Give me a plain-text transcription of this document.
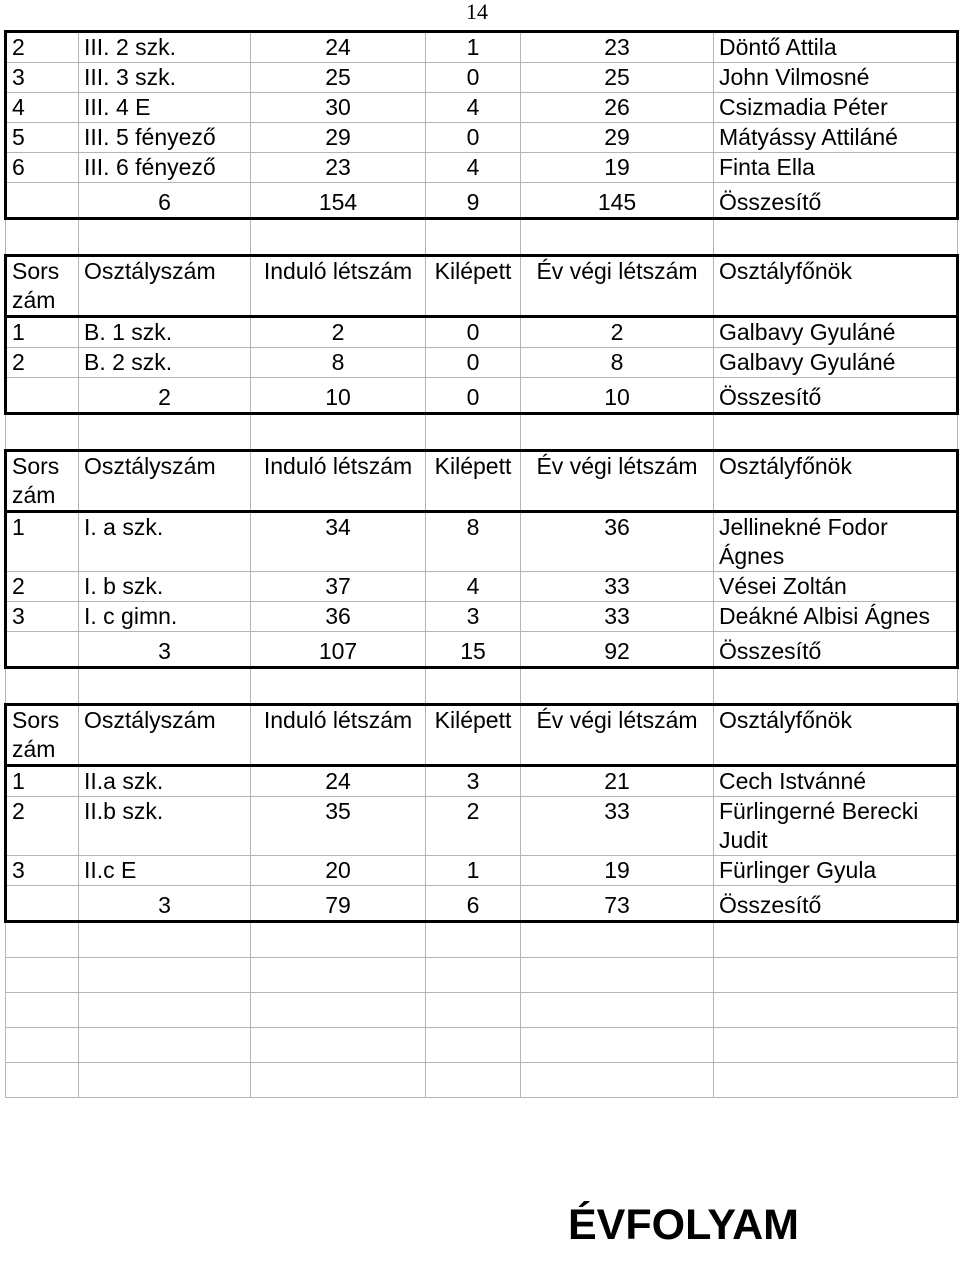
14
2	III. 2 szk.	24	1	23	Döntő Attila
3	III. 3 szk.	25	0	25	John Vilmosné
4	III. 4 E	30	4	26	Csizmadia Péter
5	III. 5 fényező	29	0	29	Mátyássy Attiláné
6	III. 6 fényező	23	4	19	Finta Ella
	6	154	9	145	Összesítő

Sors
zám	Osztályszám	Induló létszám	Kilépett	Év végi létszám	Osztályfőnök
1	B. 1 szk.	2	0	2	Galbavy Gyuláné
2	B. 2 szk.	8	0	8	Galbavy Gyuláné
	2	10	0	10	Összesítő

Sors
zám	Osztályszám	Induló létszám	Kilépett	Év végi létszám	Osztályfőnök
1	I. a szk.	34	8	36	Jellinekné Fodor Ágnes
2	I. b szk.	37	4	33	Vései Zoltán
3	I. c gimn.	36	3	33	Deákné Albisi Ágnes
	3	107	15	92	Összesítő

Sors
zám	Osztályszám	Induló létszám	Kilépett	Év végi létszám	Osztályfőnök
1	II.a szk.	24	3	21	Cech Istvánné
2	II.b szk.	35	2	33	Fürlingerné Berecki Judit
3	II.c E	20	1	19	Fürlinger Gyula
	3	79	6	73	Összesítő

ÉVFOLYAM
